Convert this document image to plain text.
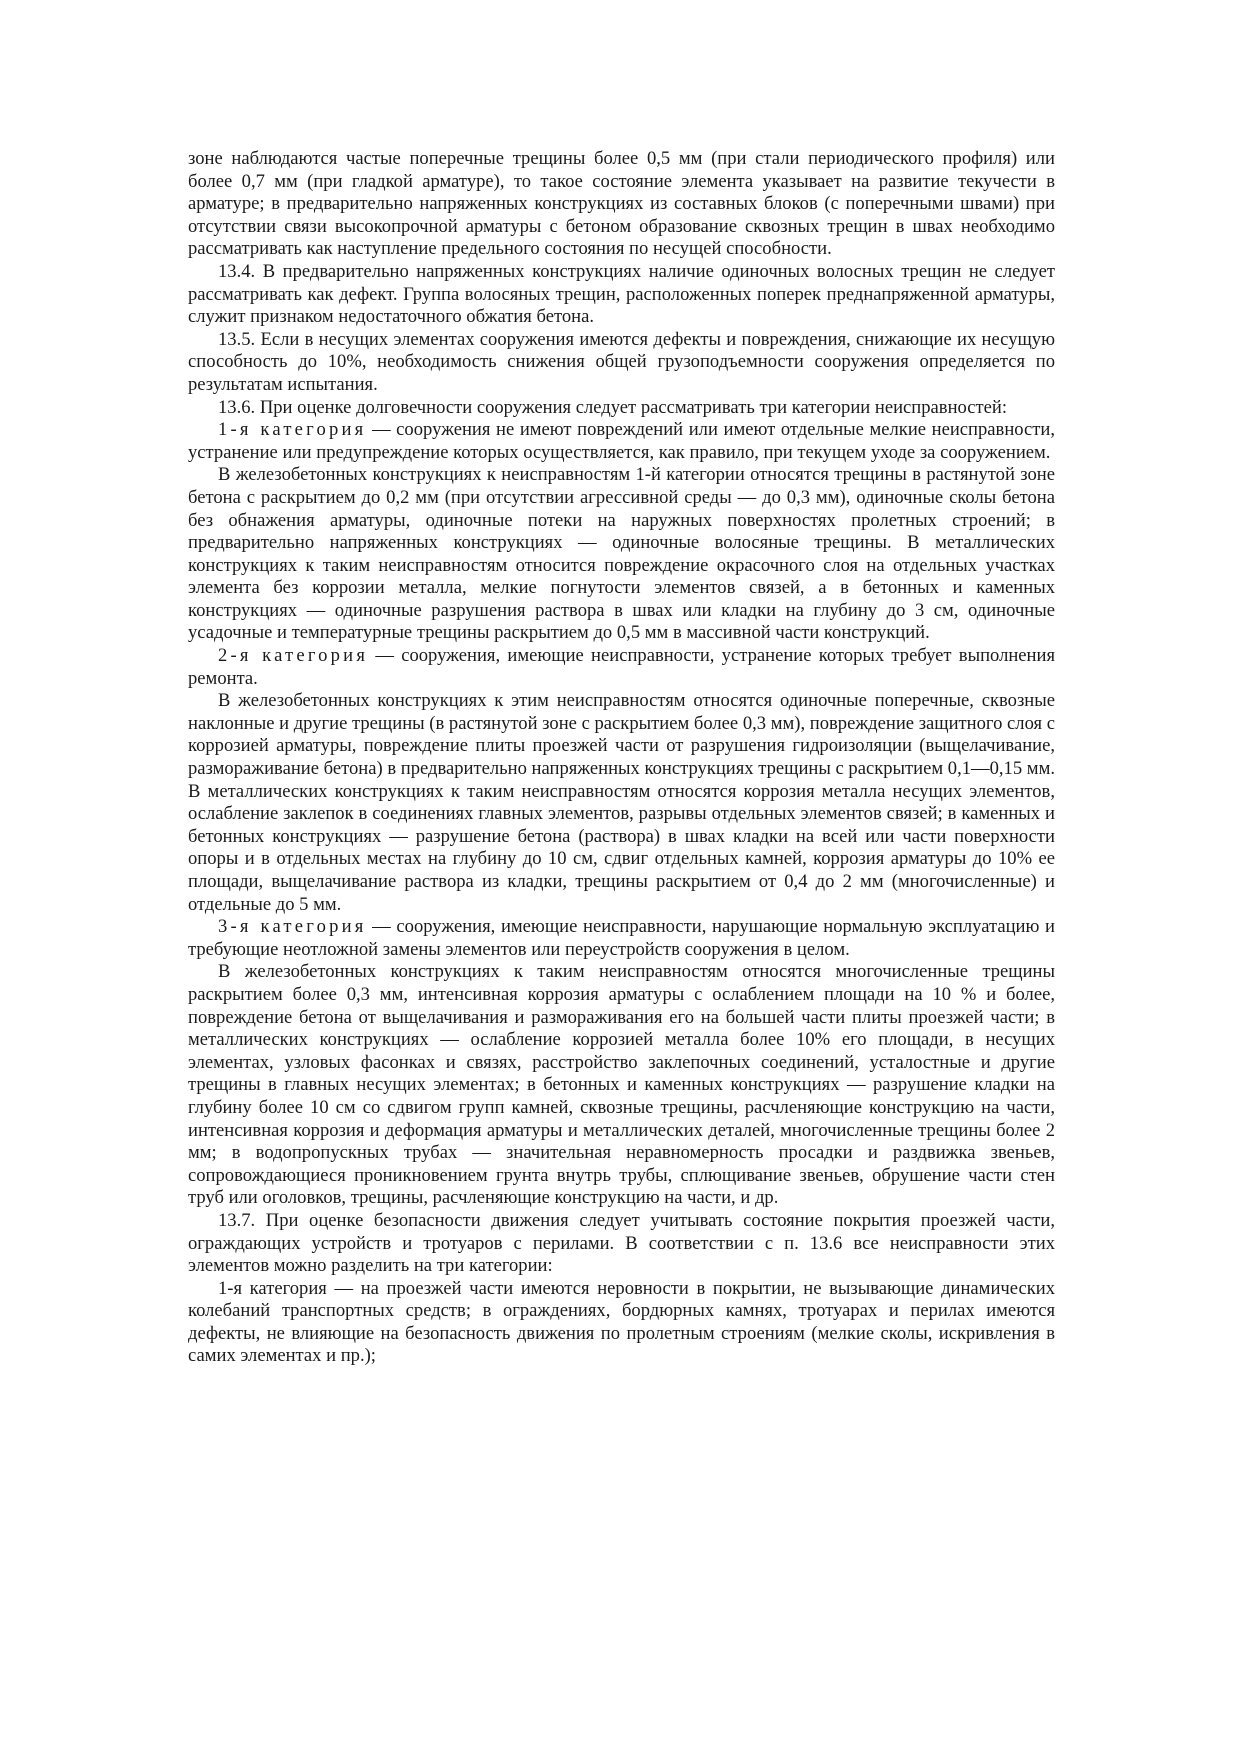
зоне наблюдаются частые поперечные трещины более 0,5 мм (при стали периодического профиля) или более 0,7 мм (при гладкой арматуре), то такое состояние элемента указывает на развитие текучести в арматуре; в предварительно напряженных конструкциях из составных блоков (с поперечными швами) при отсутствии связи высокопрочной арматуры с бетоном образование сквозных трещин в швах необходимо рассматривать как наступление предельного состояния по несущей способности.

13.4. В предварительно напряженных конструкциях наличие одиночных волосных трещин не следует рассматривать как дефект. Группа волосяных трещин, расположенных поперек преднапряженной арматуры, служит признаком недостаточного обжатия бетона.

13.5. Если в несущих элементах сооружения имеются дефекты и повреждения, снижающие их несущую способность до 10%, необходимость снижения общей грузоподъемности сооружения определяется по результатам испытания.

13.6. При оценке долговечности сооружения следует рассматривать три категории неисправностей:

1-я категория — сооружения не имеют повреждений или имеют отдельные мелкие неисправности, устранение или предупреждение которых осуществляется, как правило, при текущем уходе за сооружением.

В железобетонных конструкциях к неисправностям 1-й категории относятся трещины в растянутой зоне бетона с раскрытием до 0,2 мм (при отсутствии агрессивной среды — до 0,3 мм), одиночные сколы бетона без обнажения арматуры, одиночные потеки на наружных поверхностях пролетных строений; в предварительно напряженных конструкциях — одиночные волосяные трещины. В металлических конструкциях к таким неисправностям относится повреждение окрасочного слоя на отдельных участках элемента без коррозии металла, мелкие погнутости элементов связей, а в бетонных и каменных конструкциях — одиночные разрушения раствора в швах или кладки на глубину до 3 см, одиночные усадочные и температурные трещины раскрытием до 0,5 мм в массивной части конструкций.

2-я категория — сооружения, имеющие неисправности, устранение которых требует выполнения ремонта.

В железобетонных конструкциях к этим неисправностям относятся одиночные поперечные, сквозные наклонные и другие трещины (в растянутой зоне с раскрытием более 0,3 мм), повреждение защитного слоя с коррозией арматуры, повреждение плиты проезжей части от разрушения гидроизоляции (выщелачивание, размораживание бетона) в предварительно напряженных конструкциях трещины с раскрытием 0,1—0,15 мм. В металлических конструкциях к таким неисправностям относятся коррозия металла несущих элементов, ослабление заклепок в соединениях главных элементов, разрывы отдельных элементов связей; в каменных и бетонных конструкциях — разрушение бетона (раствора) в швах кладки на всей или части поверхности опоры и в отдельных местах на глубину до 10 см, сдвиг отдельных камней, коррозия арматуры до 10% ее площади, выщелачивание раствора из кладки, трещины раскрытием от 0,4 до 2 мм (многочисленные) и отдельные до 5 мм.

3-я категория — сооружения, имеющие неисправности, нарушающие нормальную эксплуатацию и требующие неотложной замены элементов или переустройств сооружения в целом.

В железобетонных конструкциях к таким неисправностям относятся многочисленные трещины раскрытием более 0,3 мм, интенсивная коррозия арматуры с ослаблением площади на 10 % и более, повреждение бетона от выщелачивания и размораживания его на большей части плиты проезжей части; в металлических конструкциях — ослабление коррозией металла более 10% его площади, в несущих элементах, узловых фасонках и связях, расстройство заклепочных соединений, усталостные и другие трещины в главных несущих элементах; в бетонных и каменных конструкциях — разрушение кладки на глубину более 10 см со сдвигом групп камней, сквозные трещины, расчленяющие конструкцию на части, интенсивная коррозия и деформация арматуры и металлических деталей, многочисленные трещины более 2 мм; в водопропускных трубах — значительная неравномерность просадки и раздвижка звеньев, сопровождающиеся проникновением грунта внутрь трубы, сплющивание звеньев, обрушение части стен труб или оголовков, трещины, расчленяющие конструкцию на части, и др.

13.7. При оценке безопасности движения следует учитывать состояние покрытия проезжей части, ограждающих устройств и тротуаров с перилами. В соответствии с п. 13.6 все неисправности этих элементов можно разделить на три категории:

1-я категория — на проезжей части имеются неровности в покрытии, не вызывающие динамических колебаний транспортных средств; в ограждениях, бордюрных камнях, тротуарах и перилах имеются дефекты, не влияющие на безопасность движения по пролетным строениям (мелкие сколы, искривления в самих элементах и пр.);
